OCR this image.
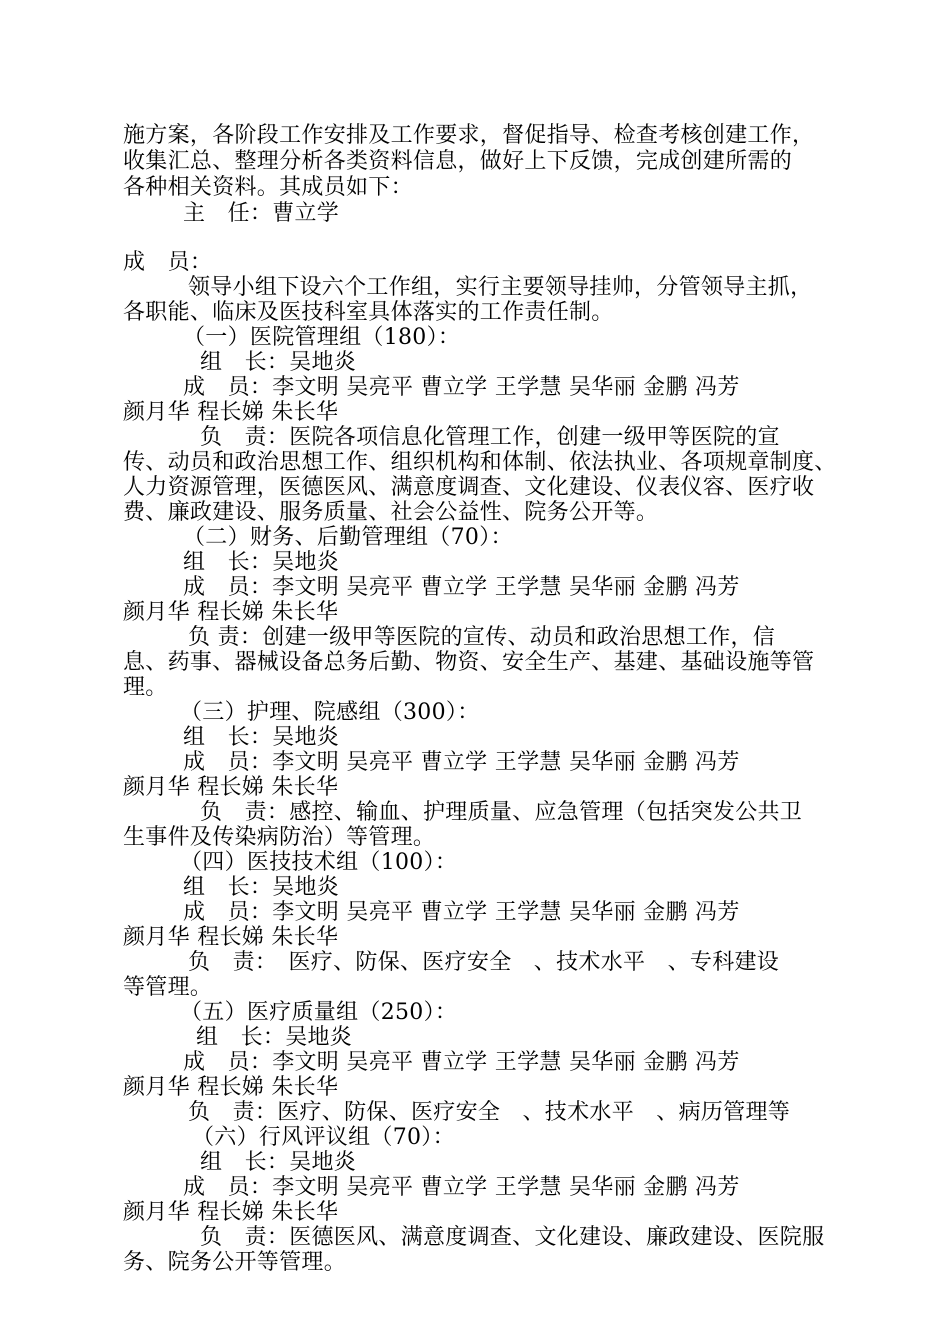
施方案，各阶段工作安排及工作要求，督促指导、检查考核创建工作，
收集汇总、整理分析各类资料信息，做好上下反馈，完成创建所需的
各种相关资料。其成员如下：
主　任：曹立学
成　员：
领导小组下设六个工作组，实行主要领导挂帅，分管领导主抓，
各职能、临床及医技科室具体落实的工作责任制。
（一）医院管理组（180）：
组　长：吴地炎
成　员：李文明 吴亮平 曹立学 王学慧 吴华丽 金鹏 冯芳
颜月华 程长娣 朱长华
负　责：医院各项信息化管理工作，创建一级甲等医院的宣
传、动员和政治思想工作、组织机构和体制、依法执业、各项规章制度、
人力资源管理，医德医风、满意度调查、文化建设、仪表仪容、医疗收
费、廉政建设、服务质量、社会公益性、院务公开等。
（二）财务、后勤管理组（70）：
组　长：吴地炎
成　员：李文明 吴亮平 曹立学 王学慧 吴华丽 金鹏 冯芳
颜月华 程长娣 朱长华
负 责：创建一级甲等医院的宣传、动员和政治思想工作，信
息、药事、器械设备总务后勤、物资、安全生产、基建、基础设施等管
理。
（三）护理、院感组（300）：
组　长：吴地炎
成　员：李文明 吴亮平 曹立学 王学慧 吴华丽 金鹏 冯芳
颜月华 程长娣 朱长华
负　责：感控、输血、护理质量、应急管理（包括突发公共卫
生事件及传染病防治）等管理。
（四）医技技术组（100）：
组　长：吴地炎
成　员：李文明 吴亮平 曹立学 王学慧 吴华丽 金鹏 冯芳
颜月华 程长娣 朱长华
负　责：　医疗、防保、医疗安全　、技术水平　、专科建设
等管理。
（五）医疗质量组（250）：
组　长：吴地炎
成　员：李文明 吴亮平 曹立学 王学慧 吴华丽 金鹏 冯芳
颜月华 程长娣 朱长华
负　责：医疗、防保、医疗安全　、技术水平　、病历管理等
（六）行风评议组（70）：
组　长：吴地炎
成　员：李文明 吴亮平 曹立学 王学慧 吴华丽 金鹏 冯芳
颜月华 程长娣 朱长华
负　责：医德医风、满意度调查、文化建设、廉政建设、医院服
务、院务公开等管理。
